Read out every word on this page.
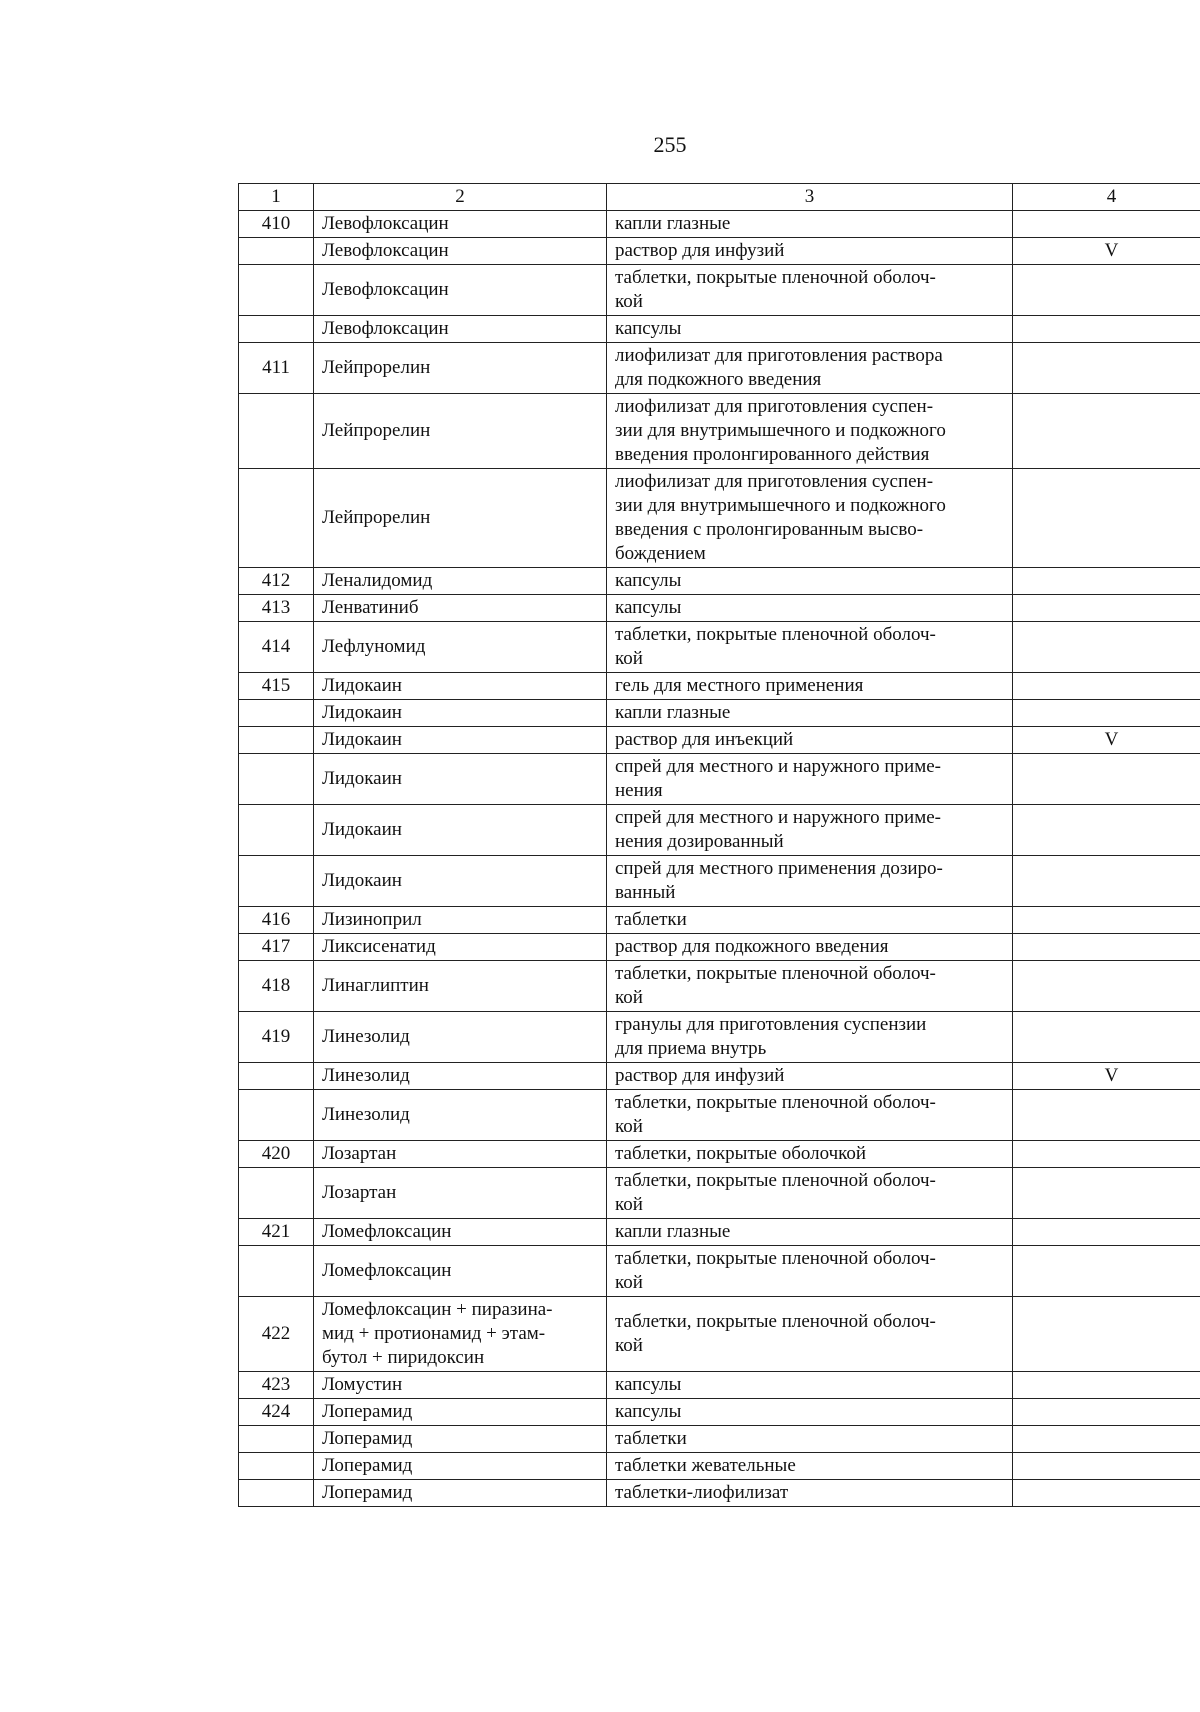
255
1	2	3	4
410	Левофлоксацин	капли глазные	

	Левофлоксацин	раствор для инфузий	V

	Левофлоксацин	таблетки, покрытые пленочной оболоч-
кой	

	Левофлоксацин	капсулы	

411	Лейпрорелин	лиофилизат для приготовления раствора
для подкожного введения	

	Лейпрорелин	лиофилизат для приготовления суспен-
зии для внутримышечного и подкожного
введения пролонгированного действия	

	Лейпрорелин	лиофилизат для приготовления суспен-
зии для внутримышечного и подкожного
введения с пролонгированным высво-
бождением	

412	Леналидомид	капсулы	

413	Ленватиниб	капсулы	

414	Лефлуномид	таблетки, покрытые пленочной оболоч-
кой	

415	Лидокаин	гель для местного применения	

	Лидокаин	капли глазные	

	Лидокаин	раствор для инъекций	V

	Лидокаин	спрей для местного и наружного приме-
нения	

	Лидокаин	спрей для местного и наружного приме-
нения дозированный	

	Лидокаин	спрей для местного применения дозиро-
ванный	

416	Лизиноприл	таблетки	

417	Ликсисенатид	раствор для подкожного введения	

418	Линаглиптин	таблетки, покрытые пленочной оболоч-
кой	

419	Линезолид	гранулы для приготовления суспензии
для приема внутрь	

	Линезолид	раствор для инфузий	V

	Линезолид	таблетки, покрытые пленочной оболоч-
кой	

420	Лозартан	таблетки, покрытые оболочкой	

	Лозартан	таблетки, покрытые пленочной оболоч-
кой	

421	Ломефлоксацин	капли глазные	

	Ломефлоксацин	таблетки, покрытые пленочной оболоч-
кой	

422	Ломефлоксацин + пиразина-
мид + протионамид + этам-
бутол + пиридоксин	таблетки, покрытые пленочной оболоч-
кой	

423	Ломустин	капсулы	

424	Лоперамид	капсулы	

	Лоперамид	таблетки	

	Лоперамид	таблетки жевательные	

	Лоперамид	таблетки-лиофилизат	
